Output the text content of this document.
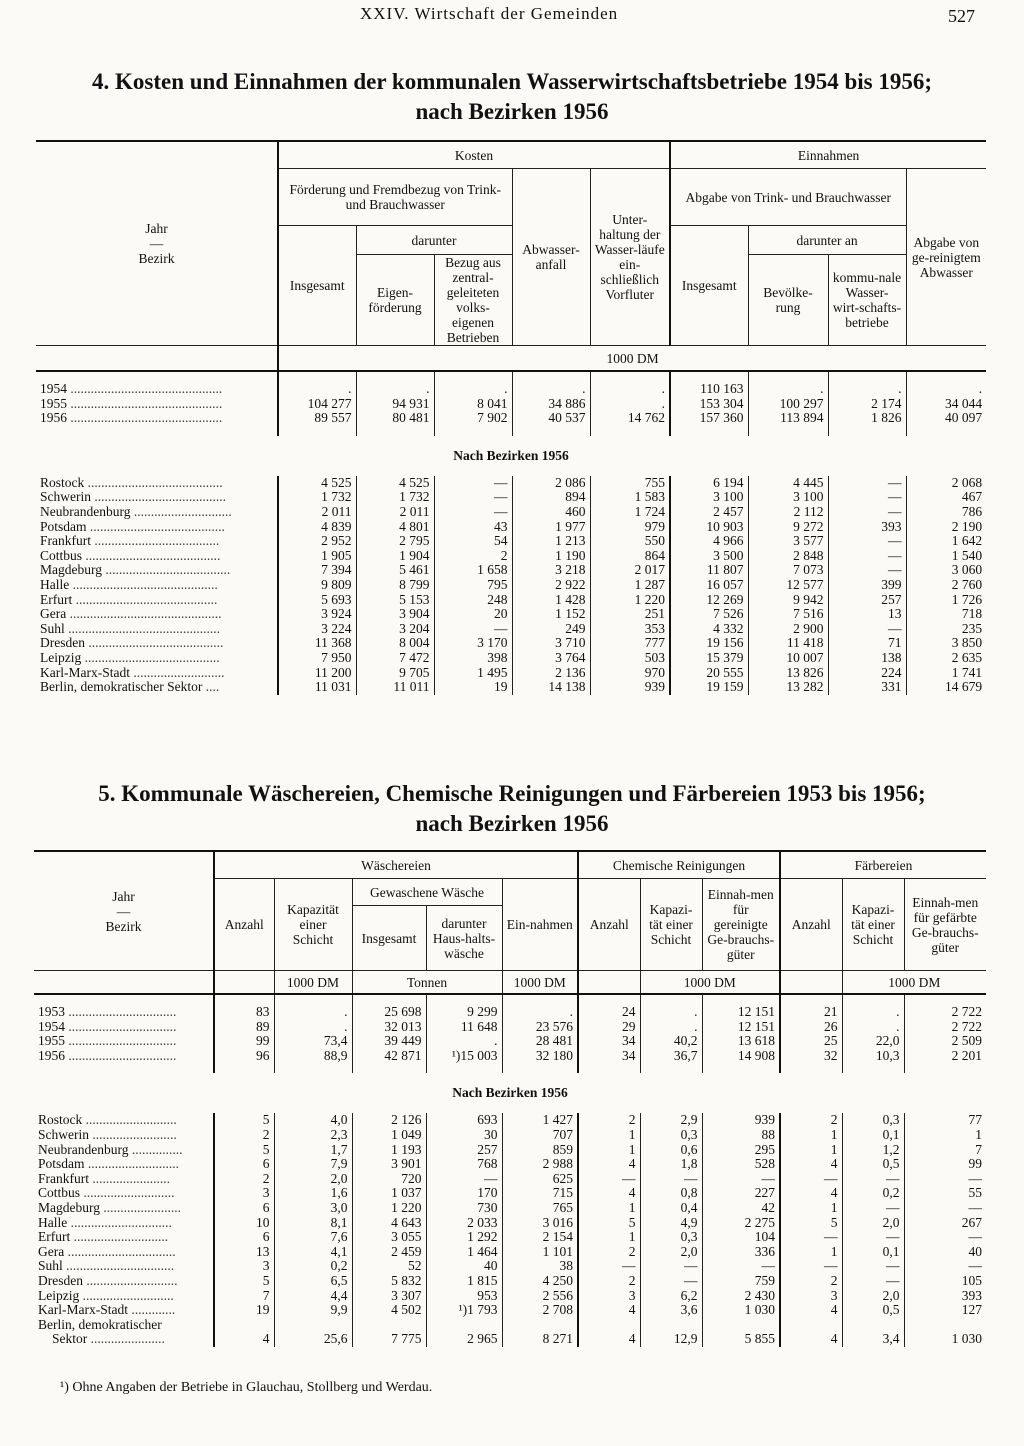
XXIV. Wirtschaft der Gemeinden	527
4. Kosten und Einnahmen der kommunalen Wasserwirtschaftsbetriebe 1954 bis 1956;
nach Bezirken 1956
Jahr
—
Bezirk	Kosten					Einnahmen			
	Förderung und Fremdbezug von Trink- und Brauchwasser			Abwasser-anfall	Unter-haltung der Wasser-läufe ein-schließlich Vorfluter	Abgabe von Trink- und Brauchwasser			Abgabe von ge-reinigtem Abwasser
	Insgesamt	darunter				Insgesamt	darunter an		
		Eigen-förderung	Bezug aus zentral-geleiteten volks-eigenen Betrieben				Bevölke-rung	kommu-nale Wasser-wirt-schafts-betriebe	
	1000 DM								

1954 .............................................	.	.	.	.	.	110 163	.	.	.
1955 .............................................	104 277	94 931	8 041	34 886	.	153 304	100 297	2 174	34 044
1956 .............................................	89 557	80 481	7 902	40 537	14 762	157 360	113 894	1 826	40 097

Nach Bezirken 1956									
Rostock ........................................	4 525	4 525	—	2 086	755	6 194	4 445	—	2 068
Schwerin .......................................	1 732	1 732	—	894	1 583	3 100	3 100	—	467
Neubrandenburg .............................	2 011	2 011	—	460	1 724	2 457	2 112	—	786
Potsdam ........................................	4 839	4 801	43	1 977	979	10 903	9 272	393	2 190
Frankfurt .....................................	2 952	2 795	54	1 213	550	4 966	3 577	—	1 642
Cottbus ........................................	1 905	1 904	2	1 190	864	3 500	2 848	—	1 540
Magdeburg .....................................	7 394	5 461	1 658	3 218	2 017	11 807	7 073	—	3 060
Halle ...........................................	9 809	8 799	795	2 922	1 287	16 057	12 577	399	2 760
Erfurt ..........................................	5 693	5 153	248	1 428	1 220	12 269	9 942	257	1 726
Gera .............................................	3 924	3 904	20	1 152	251	7 526	7 516	13	718
Suhl .............................................	3 224	3 204	—	249	353	4 332	2 900	—	235
Dresden ........................................	11 368	8 004	3 170	3 710	777	19 156	11 418	71	3 850
Leipzig ........................................	7 950	7 472	398	3 764	503	15 379	10 007	138	2 635
Karl-Marx-Stadt ...........................	11 200	9 705	1 495	2 136	970	20 555	13 826	224	1 741
Berlin, demokratischer Sektor ....	11 031	11 011	19	14 138	939	19 159	13 282	331	14 679
5. Kommunale Wäschereien, Chemische Reinigungen und Färbereien 1953 bis 1956;
nach Bezirken 1956
Jahr
—
Bezirk	Wäschereien					Chemische Reinigungen			Färbereien		
	Anzahl	Kapazität einer Schicht	Gewaschene Wäsche		Ein-nahmen	Anzahl	Kapazi-tät einer Schicht	Einnah-men für gereinigte Ge-brauchs-güter	Anzahl	Kapazi-tät einer Schicht	Einnah-men für gefärbte Ge-brauchs-güter
			Insgesamt	darunter Haus-halts-wäsche							
		1000 DM	Tonnen		1000 DM		1000 DM			1000 DM	

1953 ................................	83	.	25 698	9 299	.	24	.	12 151	21	.	2 722
1954 ................................	89	.	32 013	11 648	23 576	29	.	12 151	26	.	2 722
1955 ................................	99	73,4	39 449	.	28 481	34	40,2	13 618	25	22,0	2 509
1956 ................................	96	88,9	42 871	¹)15 003	32 180	34	36,7	14 908	32	10,3	2 201

Nach Bezirken 1956											
Rostock ...........................	5	4,0	2 126	693	1 427	2	2,9	939	2	0,3	77
Schwerin .........................	2	2,3	1 049	30	707	1	0,3	88	1	0,1	1
Neubrandenburg ...............	5	1,7	1 193	257	859	1	0,6	295	1	1,2	7
Potsdam ...........................	6	7,9	3 901	768	2 988	4	1,8	528	4	0,5	99
Frankfurt .......................	2	2,0	720	—	625	—	—	—	—	—	—
Cottbus ...........................	3	1,6	1 037	170	715	4	0,8	227	4	0,2	55
Magdeburg .......................	6	3,0	1 220	730	765	1	0,4	42	1	—	—
Halle ..............................	10	8,1	4 643	2 033	3 016	5	4,9	2 275	5	2,0	267
Erfurt ............................	6	7,6	3 055	1 292	2 154	1	0,3	104	—	—	—
Gera ................................	13	4,1	2 459	1 464	1 101	2	2,0	336	1	0,1	40
Suhl ................................	3	0,2	52	40	38	—	—	—	—	—	—
Dresden ...........................	5	6,5	5 832	1 815	4 250	2	—	759	2	—	105
Leipzig ...........................	7	4,4	3 307	953	2 556	3	6,2	2 430	3	2,0	393
Karl-Marx-Stadt .............	19	9,9	4 502	¹)1 793	2 708	4	3,6	1 030	4	0,5	127
Berlin, demokratischer											
Sektor ......................	4	25,6	7 775	2 965	8 271	4	12,9	5 855	4	3,4	1 030
¹) Ohne Angaben der Betriebe in Glauchau, Stollberg und Werdau.
